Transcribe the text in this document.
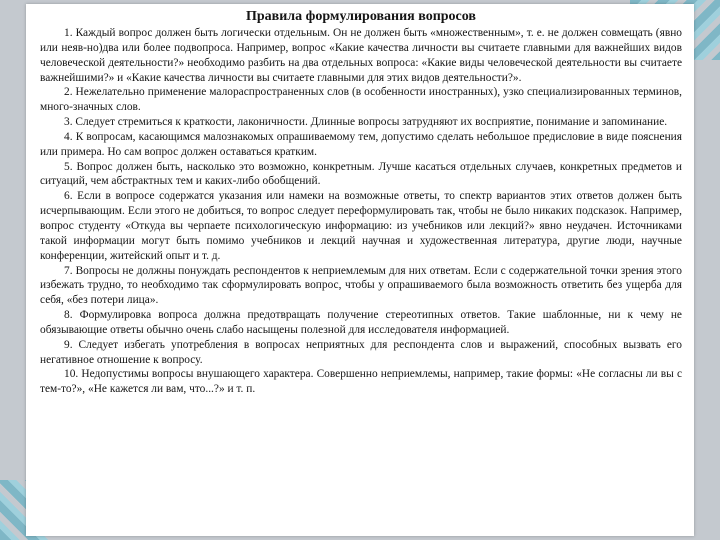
Правила формулирования вопросов

1. Каждый вопрос должен быть логически отдельным. Он не должен быть «множественным», т. е. не должен совмещать (явно или неяв-но)два или более подвопроса. Например, вопрос «Какие качества личности вы считаете главными для важнейших видов человеческой деятельности?» необходимо разбить на два отдельных вопроса: «Какие виды человеческой деятельности вы считаете важнейшими?» и «Какие качества личности вы считаете главными для этих видов деятельности?».

2. Нежелательно применение малораспространенных слов (в особенности иностранных), узко специализированных терминов, много-значных слов.

3. Следует стремиться к краткости, лаконичности. Длинные вопросы затрудняют их восприятие, понимание и запоминание.

4. К вопросам, касающимся малознакомых опрашиваемому тем, допустимо сделать небольшое предисловие в виде пояснения или примера. Но сам вопрос должен оставаться кратким.

5. Вопрос должен быть, насколько это возможно, конкретным. Лучше касаться отдельных случаев, конкретных предметов и ситуаций, чем абстрактных тем и каких-либо обобщений.

6. Если в вопросе содержатся указания или намеки на возможные ответы, то спектр вариантов этих ответов должен быть исчерпывающим. Если этого не добиться, то вопрос следует переформулировать так, чтобы не было никаких подсказок. Например, вопрос студенту «Откуда вы черпаете психологическую информацию: из учебников или лекций?» явно неудачен. Источниками такой информации могут быть помимо учебников и лекций научная и художественная литература, другие люди, научные конференции, житейский опыт и т. д.

7. Вопросы не должны понуждать респондентов к неприемлемым для них ответам. Если с содержательной точки зрения этого избежать трудно, то необходимо так сформулировать вопрос, чтобы у опрашиваемого была возможность ответить без ущерба для себя, «без потери лица».

8. Формулировка вопроса должна предотвращать получение стереотипных ответов. Такие шаблонные, ни к чему не обязывающие ответы обычно очень слабо насыщены полезной для исследователя информацией.

9. Следует избегать употребления в вопросах неприятных для респондента слов и выражений, способных вызвать его негативное отношение к вопросу.

10. Недопустимы вопросы внушающего характера. Совершенно неприемлемы, например, такие формы: «Не согласны ли вы с тем-то?», «Не кажется ли вам, что...?» и т. п.
